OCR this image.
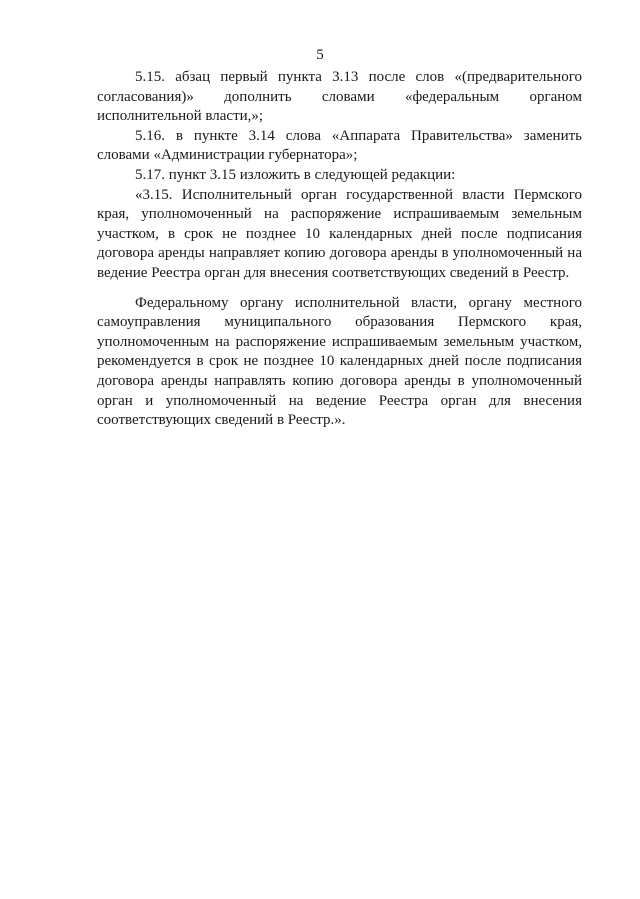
5

5.15. абзац первый пункта 3.13 после слов «(предварительного согласования)» дополнить словами «федеральным органом исполнительной власти,»;

5.16. в пункте 3.14 слова «Аппарата Правительства» заменить словами «Администрации губернатора»;

5.17. пункт 3.15 изложить в следующей редакции:

«3.15. Исполнительный орган государственной власти Пермского края, уполномоченный на распоряжение испрашиваемым земельным участком, в срок не позднее 10 календарных дней после подписания договора аренды направляет копию договора аренды в уполномоченный на ведение Реестра орган для внесения соответствующих сведений в Реестр.

Федеральному органу исполнительной власти, органу местного самоуправления муниципального образования Пермского края, уполномоченным на распоряжение испрашиваемым земельным участком, рекомендуется в срок не позднее 10 календарных дней после подписания договора аренды направлять копию договора аренды в уполномоченный орган и уполномоченный на ведение Реестра орган для внесения соответствующих сведений в Реестр.».
